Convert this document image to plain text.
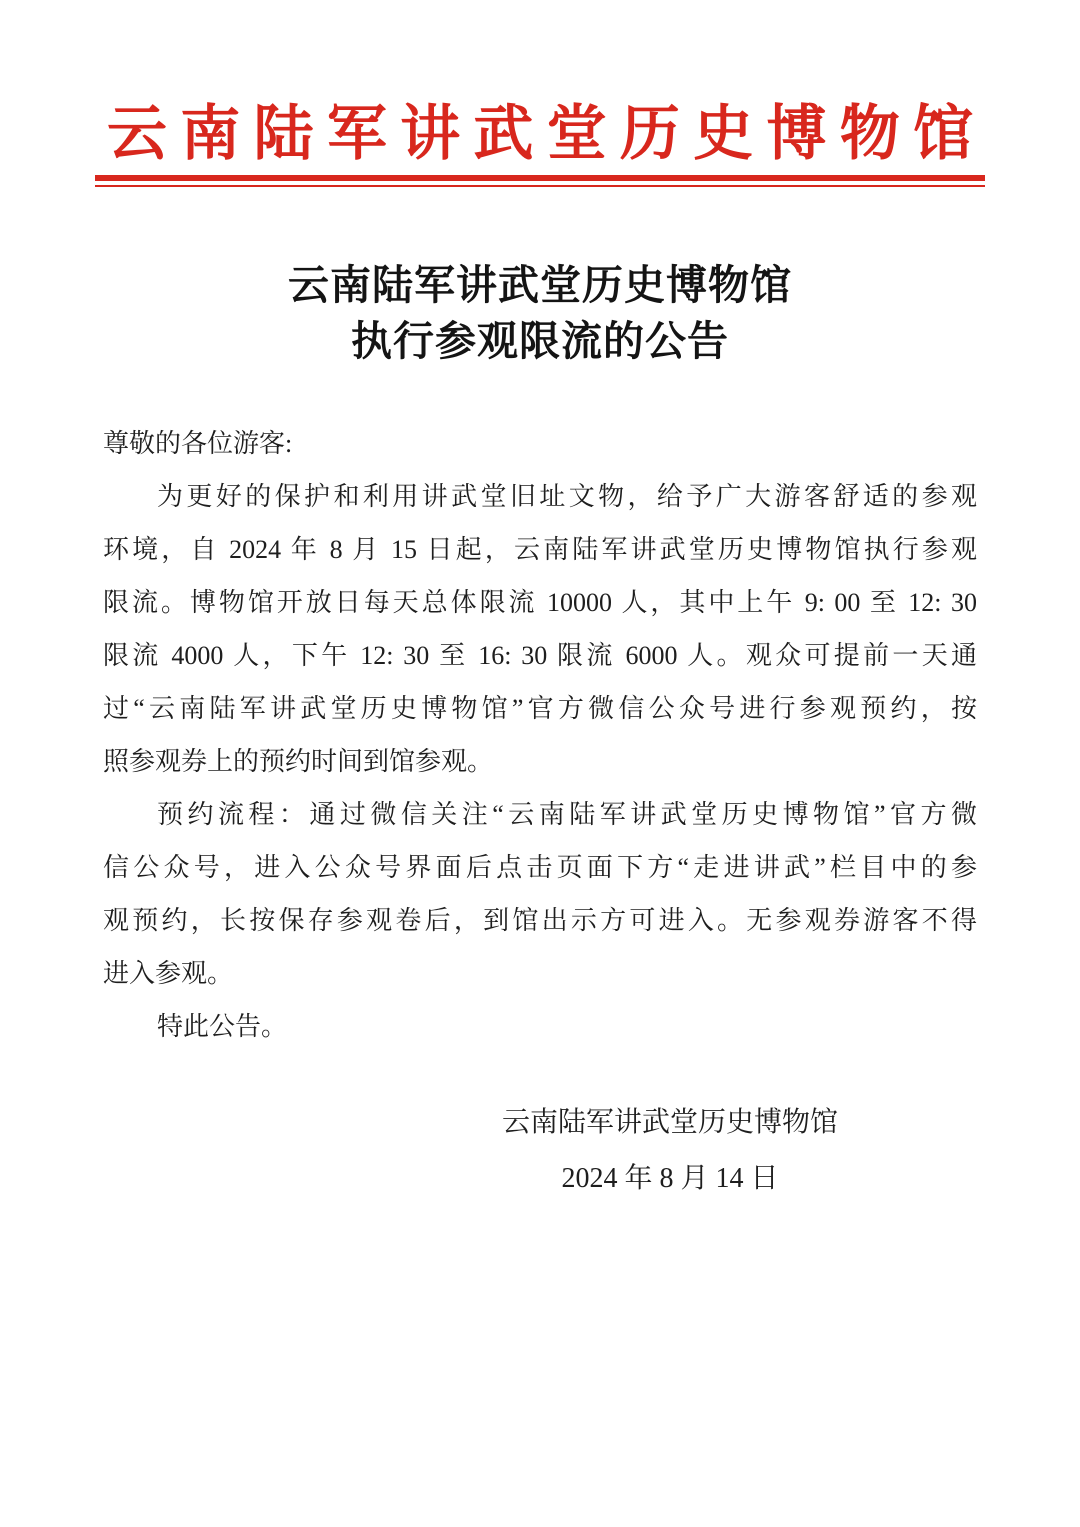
云南陆军讲武堂历史博物馆
云南陆军讲武堂历史博物馆
执行参观限流的公告

尊敬的各位游客:

为更好的保护和利用讲武堂旧址文物，给予广大游客舒适的参观

环境，自 2024 年 8 月 15 日起，云南陆军讲武堂历史博物馆执行参观

限流。博物馆开放日每天总体限流 10000 人，其中上午 9: 00 至 12: 30

限流 4000 人，下午 12: 30 至 16: 30 限流 6000 人。观众可提前一天通

过“云南陆军讲武堂历史博物馆”官方微信公众号进行参观预约，按

照参观券上的预约时间到馆参观。

预约流程：通过微信关注“云南陆军讲武堂历史博物馆”官方微

信公众号，进入公众号界面后点击页面下方“走进讲武”栏目中的参

观预约，长按保存参观卷后，到馆出示方可进入。无参观券游客不得

进入参观。

特此公告。

云南陆军讲武堂历史博物馆
2024 年 8 月 14 日
